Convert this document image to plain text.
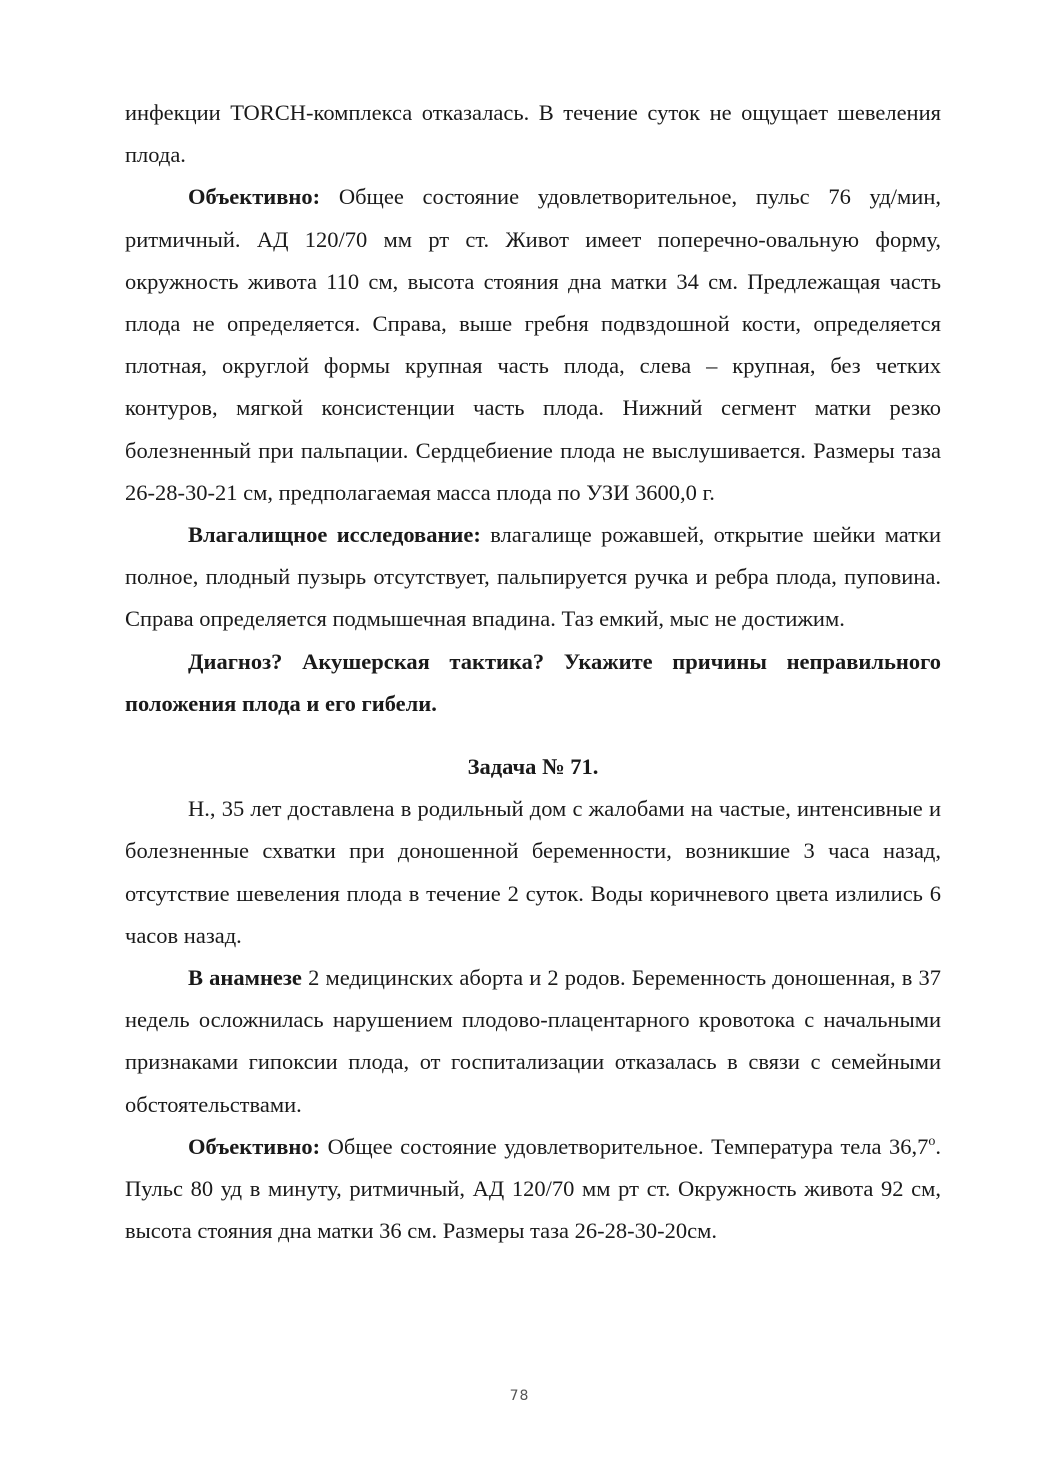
инфекции TORCH-комплекса отказалась. В течение суток не ощущает шевеления плода.

Объективно: Общее состояние удовлетворительное, пульс 76 уд/мин, ритмичный. АД 120/70 мм рт ст. Живот имеет поперечно-овальную форму, окружность живота 110 см, высота стояния дна матки 34 см. Предлежащая часть плода не определяется. Справа, выше гребня подвздошной кости, определяется плотная, округлой формы крупная часть плода, слева – крупная, без четких контуров, мягкой консистенции часть плода. Нижний сегмент матки резко болезненный при пальпации. Сердцебиение плода не выслушивается. Размеры таза 26-28-30-21 см, предполагаемая масса плода по УЗИ 3600,0 г.

Влагалищное исследование: влагалище рожавшей, открытие шейки матки полное, плодный пузырь отсутствует, пальпируется ручка и ребра плода, пуповина. Справа определяется подмышечная впадина. Таз емкий, мыс не достижим.

Диагноз? Акушерская тактика? Укажите причины неправильного положения плода и его гибели.

Задача № 71.

Н., 35 лет доставлена в родильный дом с жалобами на частые, интенсивные и болезненные схватки при доношенной беременности, возникшие 3 часа назад, отсутствие шевеления плода в течение 2 суток. Воды коричневого цвета излились 6 часов назад.

В анамнезе 2 медицинских аборта и 2 родов. Беременность доношенная, в 37 недель осложнилась нарушением плодово-плацентарного кровотока с начальными признаками гипоксии плода, от госпитализации отказалась в связи с семейными обстоятельствами.

Объективно: Общее состояние удовлетворительное. Температура тела $36,7^о$. Пульс 80 уд в минуту, ритмичный, АД 120/70 мм рт ст. Окружность живота 92 см, высота стояния дна матки 36 см. Размеры таза 26-28-30-20см.

78
